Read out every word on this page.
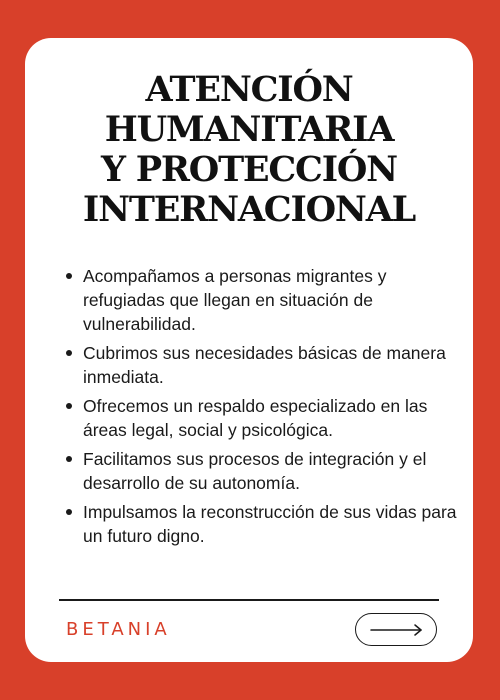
ATENCIÓN
HUMANITARIA
Y PROTECCIÓN
INTERNACIONAL
Acompañamos a personas migrantes y refugiadas que llegan en situación de vulnerabilidad.
Cubrimos sus necesidades básicas de manera inmediata.
Ofrecemos un respaldo especializado en las áreas legal, social y psicológica.
Facilitamos sus procesos de integración y el desarrollo de su autonomía.
Impulsamos la reconstrucción de sus vidas para un futuro digno.
BETANIA
